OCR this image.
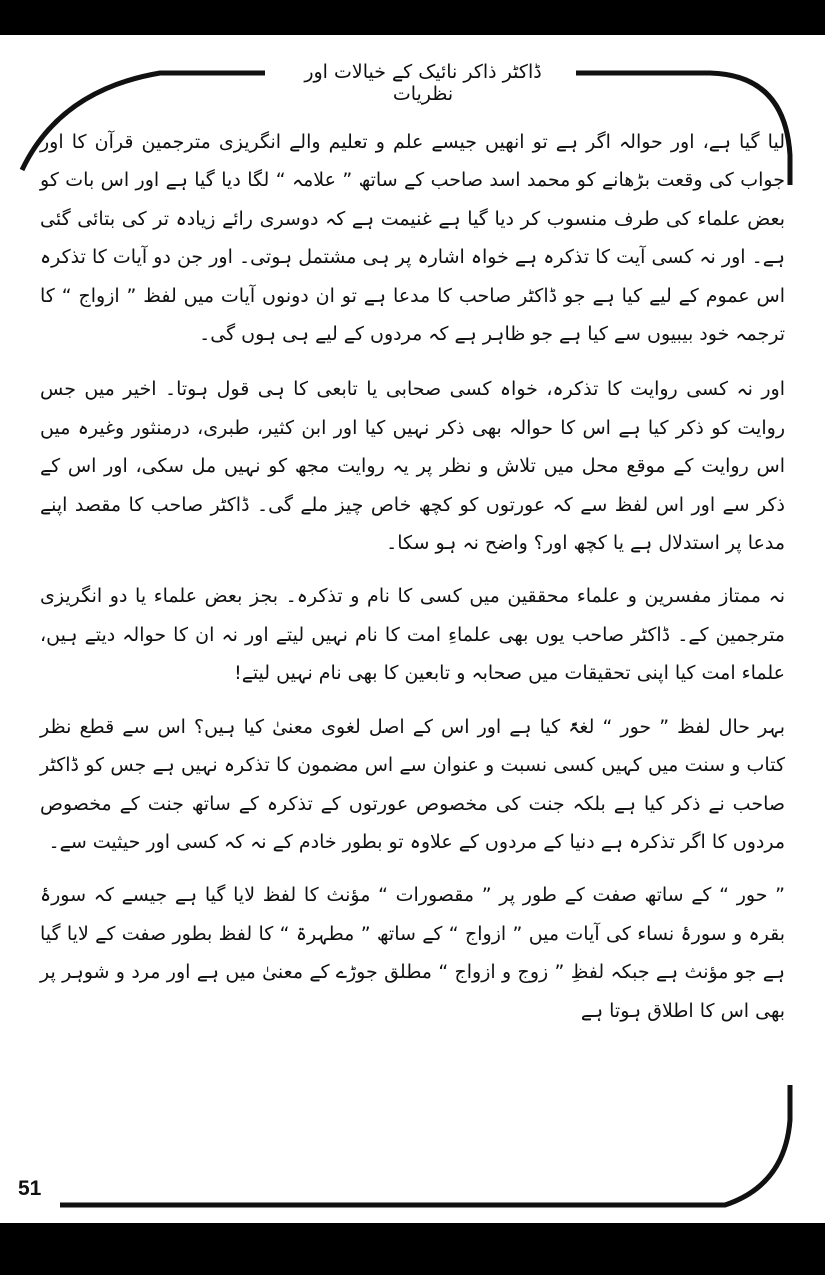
ڈاکٹر ذاکر نائیک کے خیالات اور نظریات

لیا گیا ہے، اور حوالہ اگر ہے تو انھیں جیسے علم و تعلیم والے انگریزی مترجمین قرآن کا اور جواب کی وقعت بڑھانے کو محمد اسد صاحب کے ساتھ ” علامہ “ لگا دیا گیا ہے اور اس بات کو بعض علماء کی طرف منسوب کر دیا گیا ہے غنیمت ہے کہ دوسری رائے زیادہ تر کی بتائی گئی ہے۔ اور نہ کسی آیت کا تذکرہ ہے خواہ اشارہ پر ہی مشتمل ہوتی۔ اور جن دو آیات کا تذکرہ اس عموم کے لیے کیا ہے جو ڈاکٹر صاحب کا مدعا ہے تو ان دونوں آیات میں لفظ ” ازواج “ کا ترجمہ خود بیبیوں سے کیا ہے جو ظاہر ہے کہ مردوں کے لیے ہی ہوں گی۔

اور نہ کسی روایت کا تذکرہ، خواہ کسی صحابی یا تابعی کا ہی قول ہوتا۔ اخیر میں جس روایت کو ذکر کیا ہے اس کا حوالہ بھی ذکر نہیں کیا اور ابن کثیر، طبری، درمنثور وغیرہ میں اس روایت کے موقع محل میں تلاش و نظر پر یہ روایت مجھ کو نہیں مل سکی، اور اس کے ذکر سے اور اس لفظ سے کہ عورتوں کو کچھ خاص چیز ملے گی۔ ڈاکٹر صاحب کا مقصد اپنے مدعا پر استدلال ہے یا کچھ اور؟ واضح نہ ہو سکا۔

نہ ممتاز مفسرین و علماء محققین میں کسی کا نام و تذکرہ۔ بجز بعض علماء یا دو انگریزی مترجمین کے۔ ڈاکٹر صاحب یوں بھی علماءِ امت کا نام نہیں لیتے اور نہ ان کا حوالہ دیتے ہیں، علماء امت کیا اپنی تحقیقات میں صحابہ و تابعین کا بھی نام نہیں لیتے!

بہر حال لفظ ” حور “ لغۃً کیا ہے اور اس کے اصل لغوی معنیٰ کیا ہیں؟ اس سے قطع نظر کتاب و سنت میں کہیں کسی نسبت و عنوان سے اس مضمون کا تذکرہ نہیں ہے جس کو ڈاکٹر صاحب نے ذکر کیا ہے بلکہ جنت کی مخصوص عورتوں کے تذکرہ کے ساتھ جنت کے مخصوص مردوں کا اگر تذکرہ ہے دنیا کے مردوں کے علاوہ تو بطور خادم کے نہ کہ کسی اور حیثیت سے۔

” حور “ کے ساتھ صفت کے طور پر ” مقصورات “ مؤنث کا لفظ لایا گیا ہے جیسے کہ سورۂ بقرہ و سورۂ نساء کی آیات میں ” ازواج “ کے ساتھ ” مطہرۃ “ کا لفظ بطور صفت کے لایا گیا ہے جو مؤنث ہے جبکہ لفظِ ” زوج و ازواج “ مطلق جوڑے کے معنیٰ میں ہے اور مرد و شوہر پر بھی اس کا اطلاق ہوتا ہے

51
